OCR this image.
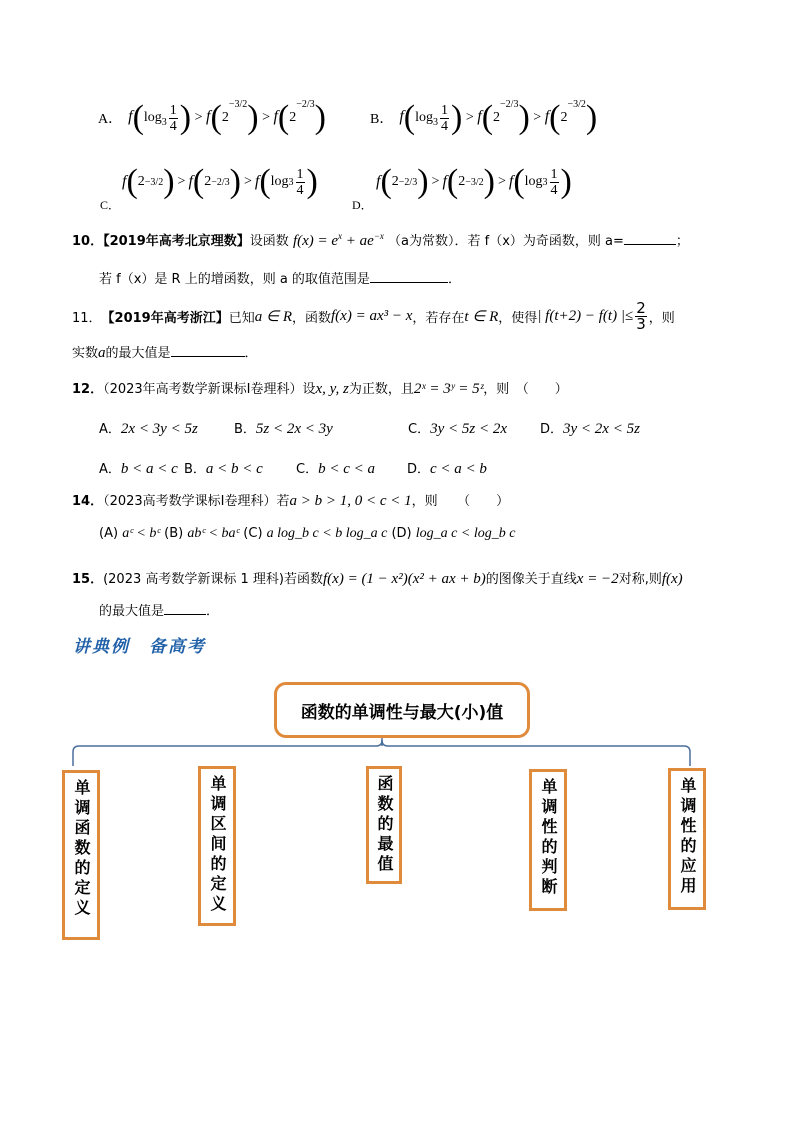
A． $f(\log_3 \frac{1}{4}$ ) > $f(2^{-3/2}) > f(2^{-2/3})$	B． $f(\log_3 \frac{1}{4}$ ) > $f(2^{-2/3}) > f(2^{-3/2})$
f ( 2 −3/2 ) > f ( 2 −2/3 ) > f ( $\log 3 \frac{1}{4}$ )
C．
f ( 2 −2/3 ) > f ( 2 −3/2 ) > f ( $\log 3 \frac{1}{4}$ )
D．
10．【2019年高考北京理数】设函数 $f(x) = e^x + ae^{-x}$ （a为常数）．若 f（x）为奇函数，则 a=	；
若 f（x）是 R 上的增函数，则 a 的取值范围是	．
11． 【2019年高考浙江】 已知 a ∈ R ，函数 f(x) = ax³ − x ，若存在 t ∈ R ，使得 | f(t+2) − f(t) |≤ $\frac{2}{3}$ ，则
实数a的最大值是	．
12．（2023年高考数学新课标Ⅰ卷理科）设x, y, z为正数，且2ˣ = 3ʸ = 5ᶻ，则　（　　）
A．2x < 3y < 5z	B．5z < 2x < 3y	C．3y < 5z < 2x	D．3y < 2x < 5z
A．b < a < c B．a < b < c	C．b < c < a D．c < a < b
14．（2023高考数学课标Ⅰ卷理科）若a > b > 1, 0 < c < 1，则　　（　　）
(A) aᶜ < bᶜ (B) abᶜ < baᶜ (C) a log_b c < b log_a c (D) log_a c < log_b c
15．(2023 高考数学新课标 1 理科)若函数f(x) = (1 − x²)(x² + ax + b)的图像关于直线x = −2对称,则f(x)
的最大值是	．
讲典例　备高考
函数的单调性与最大(小)值
单调函数的定义	单调区间的定义	函数的最值	单调性的判断	单调性的应用
